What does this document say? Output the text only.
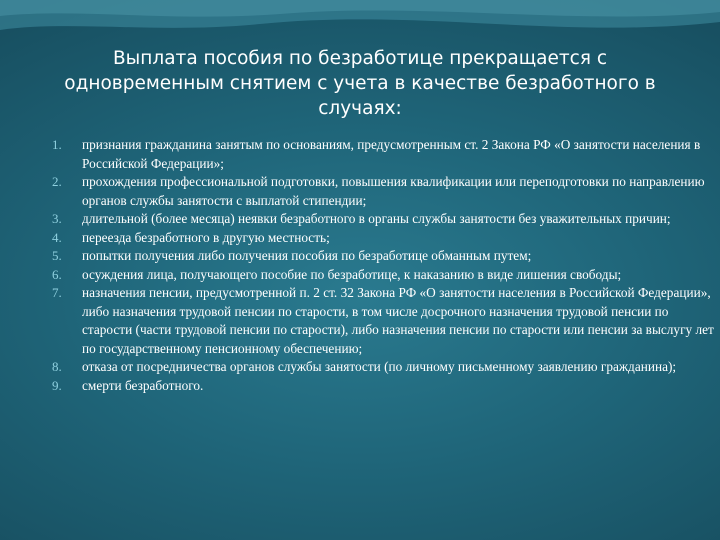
Выплата пособия по безработице прекращается с одновременным снятием с учета в качестве безработного в случаях:
1.	признания гражданина занятым по основаниям, предусмотренным ст. 2 Закона РФ «О занятости населения в Российской Федерации»;
2.	прохождения профессиональной подготовки, повышения квалификации или переподготовки по направлению органов службы занятости с выплатой стипендии;
3.	длительной (более месяца) неявки безработного в органы службы занятости без уважительных причин;
4.	переезда безработного в другую местность;
5.	попытки получения либо получения пособия по безработице обманным путем;
6.	осуждения лица, получающего пособие по безработице, к наказанию в виде лишения свободы;
7.	назначения пенсии, предусмотренной п. 2 ст. 32 Закона РФ «О занятости населения в Российской Федерации», либо назначения трудовой пенсии по старости, в том числе досрочного назначения трудовой пенсии по старости (части трудовой пенсии по старости), либо назначения пенсии по старости или пенсии за выслугу лет по государственному пенсионному обеспечению;
8.	отказа от посредничества органов службы занятости (по личному письменному заявлению гражданина);
9.	смерти безработного.
